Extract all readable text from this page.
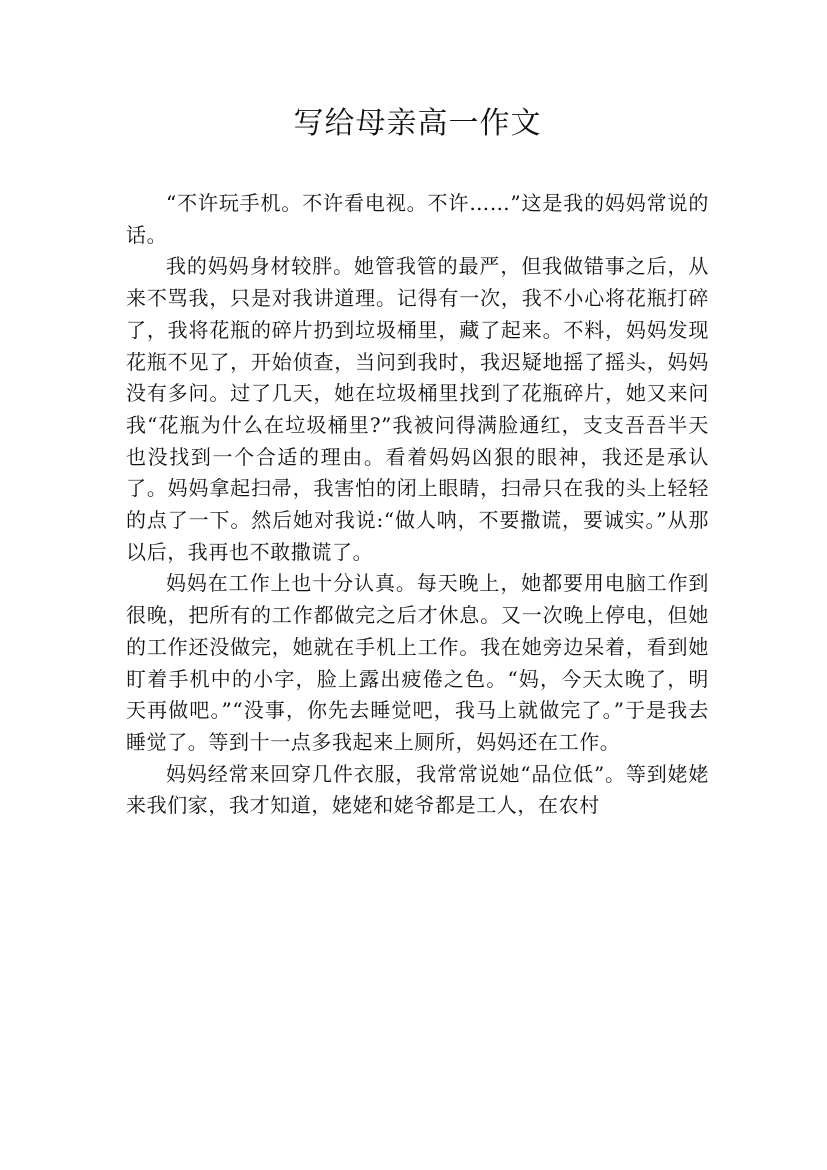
写给母亲高一作文

“不许玩手机。不许看电视。不许……”这是我的妈妈常说的话。

我的妈妈身材较胖。她管我管的最严，但我做错事之后，从来不骂我，只是对我讲道理。记得有一次，我不小心将花瓶打碎了，我将花瓶的碎片扔到垃圾桶里，藏了起来。不料，妈妈发现花瓶不见了，开始侦查，当问到我时，我迟疑地摇了摇头，妈妈没有多问。过了几天，她在垃圾桶里找到了花瓶碎片，她又来问我“花瓶为什么在垃圾桶里?”我被问得满脸通红，支支吾吾半天也没找到一个合适的理由。看着妈妈凶狠的眼神，我还是承认了。妈妈拿起扫帚，我害怕的闭上眼睛，扫帚只在我的头上轻轻的点了一下。然后她对我说:“做人呐，不要撒谎，要诚实。”从那以后，我再也不敢撒谎了。

妈妈在工作上也十分认真。每天晚上，她都要用电脑工作到很晚，把所有的工作都做完之后才休息。又一次晚上停电，但她的工作还没做完，她就在手机上工作。我在她旁边呆着，看到她盯着手机中的小字，脸上露出疲倦之色。“妈，今天太晚了，明天再做吧。”“没事，你先去睡觉吧，我马上就做完了。”于是我去睡觉了。等到十一点多我起来上厕所，妈妈还在工作。

妈妈经常来回穿几件衣服，我常常说她“品位低”。等到姥姥来我们家，我才知道，姥姥和姥爷都是工人，在农村
